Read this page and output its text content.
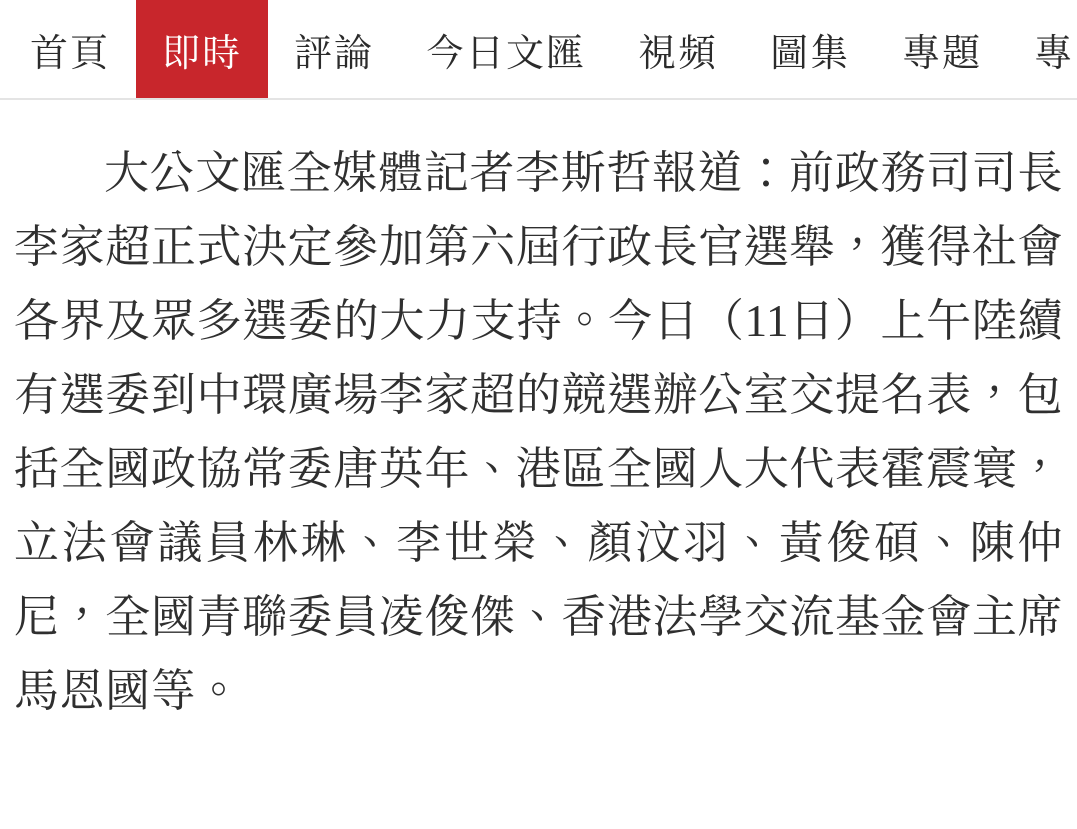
首頁	即時	評論	今日文匯	視頻	圖集	專題	專

大公文匯全媒體記者李斯哲報道：前政務司司長李家超正式決定參加第六屆行政長官選舉，獲得社會各界及眾多選委的大力支持。今日（11日）上午陸續有選委到中環廣場李家超的競選辦公室交提名表，包括全國政協常委唐英年、港區全國人大代表霍震寰，立法會議員林琳、李世榮、顏汶羽、黃俊碩、陳仲尼，全國青聯委員凌俊傑、香港法學交流基金會主席馬恩國等。
